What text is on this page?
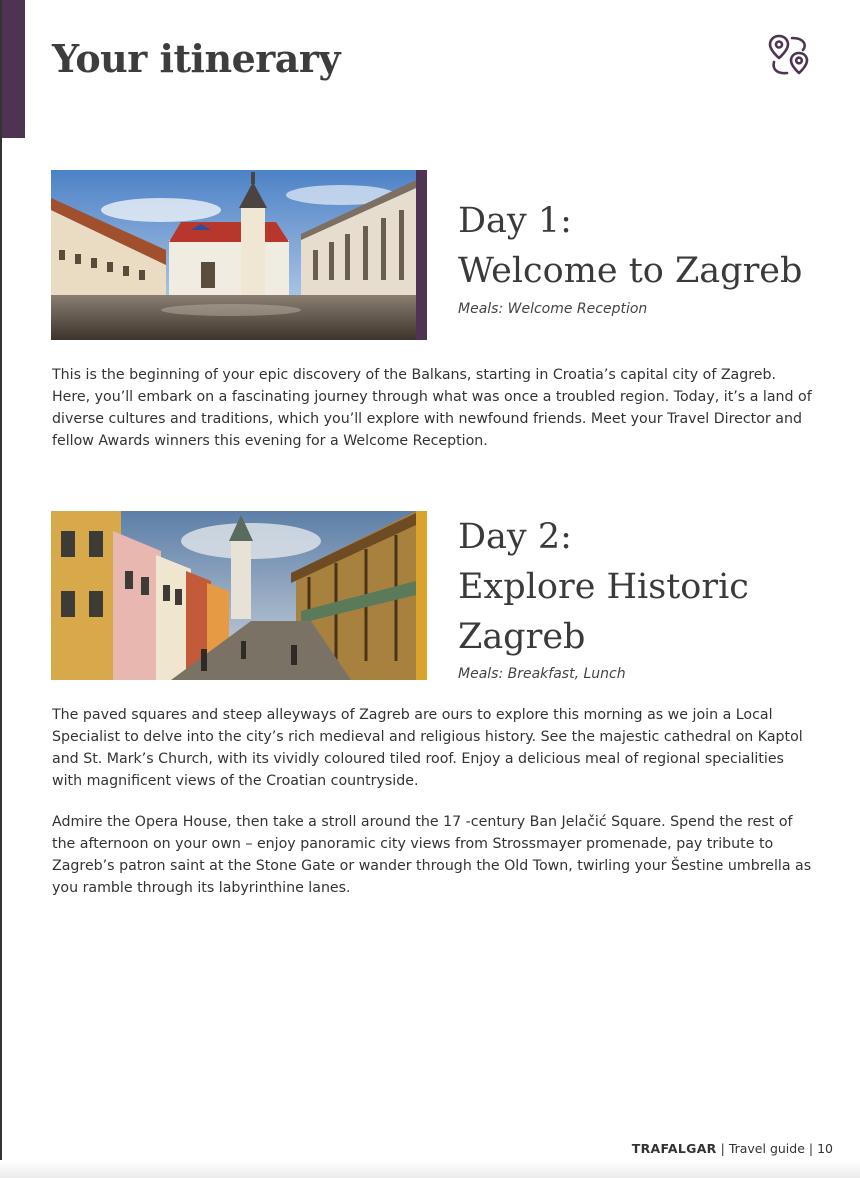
Your itinerary
Day 1:
Welcome to Zagreb

Meals: Welcome Reception

This is the beginning of your epic discovery of the Balkans, starting in Croatia’s capital city of Zagreb. Here, you’ll embark on a fascinating journey through what was once a troubled region. Today, it’s a land of diverse cultures and traditions, which you’ll explore with newfound friends. Meet your Travel Director and fellow Awards winners this evening for a Welcome Reception.

Day 2:
Explore Historic
Zagreb

Meals: Breakfast, Lunch

The paved squares and steep alleyways of Zagreb are ours to explore this morning as we join a Local Specialist to delve into the city’s rich medieval and religious history. See the majestic cathedral on Kaptol and St. Mark’s Church, with its vividly coloured tiled roof. Enjoy a delicious meal of regional specialities with magnificent views of the Croatian countryside.

Admire the Opera House, then take a stroll around the 17 -century Ban Jelačić Square. Spend the rest of the afternoon on your own – enjoy panoramic city views from Strossmayer promenade, pay tribute to Zagreb’s patron saint at the Stone Gate or wander through the Old Town, twirling your Šestine umbrella as you ramble through its labyrinthine lanes.

TRAFALGAR | Travel guide | 10
